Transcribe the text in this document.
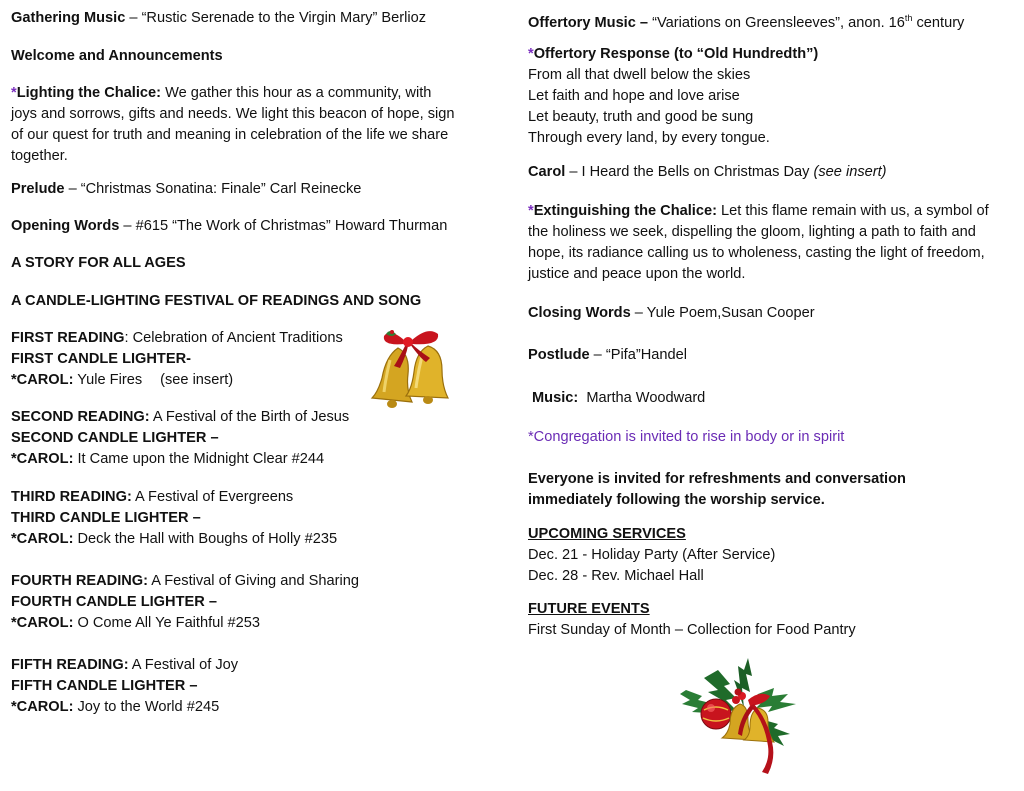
Gathering Music – “Rustic Serenade to the Virgin Mary” Berlioz
Welcome and Announcements
*Lighting the Chalice: We gather this hour as a community, with joys and sorrows, gifts and needs. We light this beacon of hope, sign of our quest for truth and meaning in celebration of the life we share together.
Prelude – “Christmas Sonatina: Finale” Carl Reinecke
Opening Words – #615 “The Work of Christmas” Howard Thurman
A STORY FOR ALL AGES
A CANDLE-LIGHTING FESTIVAL OF READINGS AND SONG
FIRST READING: Celebration of Ancient Traditions
FIRST CANDLE LIGHTER-
*CAROL: Yule Fires (see insert)
SECOND READING: A Festival of the Birth of Jesus
SECOND CANDLE LIGHTER –
*CAROL: It Came upon the Midnight Clear #244
THIRD READING: A Festival of Evergreens
THIRD CANDLE LIGHTER –
*CAROL: Deck the Hall with Boughs of Holly #235
FOURTH READING: A Festival of Giving and Sharing
FOURTH CANDLE LIGHTER –
*CAROL: O Come All Ye Faithful #253
FIFTH READING: A Festival of Joy
FIFTH CANDLE LIGHTER –
*CAROL: Joy to the World #245
Offertory Music – “Variations on Greensleeves”, anon. 16th century
*Offertory Response (to “Old Hundredth”)
From all that dwell below the skies
Let faith and hope and love arise
Let beauty, truth and good be sung
Through every land, by every tongue.
Carol – I Heard the Bells on Christmas Day (see insert)
*Extinguishing the Chalice: Let this flame remain with us, a symbol of the holiness we seek, dispelling the gloom, lighting a path to faith and hope, its radiance calling us to wholeness, casting the light of freedom, justice and peace upon the world.
Closing Words – Yule Poem,Susan Cooper
Postlude – “Pifa”Handel
Music:  Martha Woodward
*Congregation is invited to rise in body or in spirit
Everyone is invited for refreshments and conversation immediately following the worship service.
UPCOMING SERVICES
Dec. 21 - Holiday Party (After Service)
Dec. 28 - Rev. Michael Hall
FUTURE EVENTS
First Sunday of Month – Collection for Food Pantry
